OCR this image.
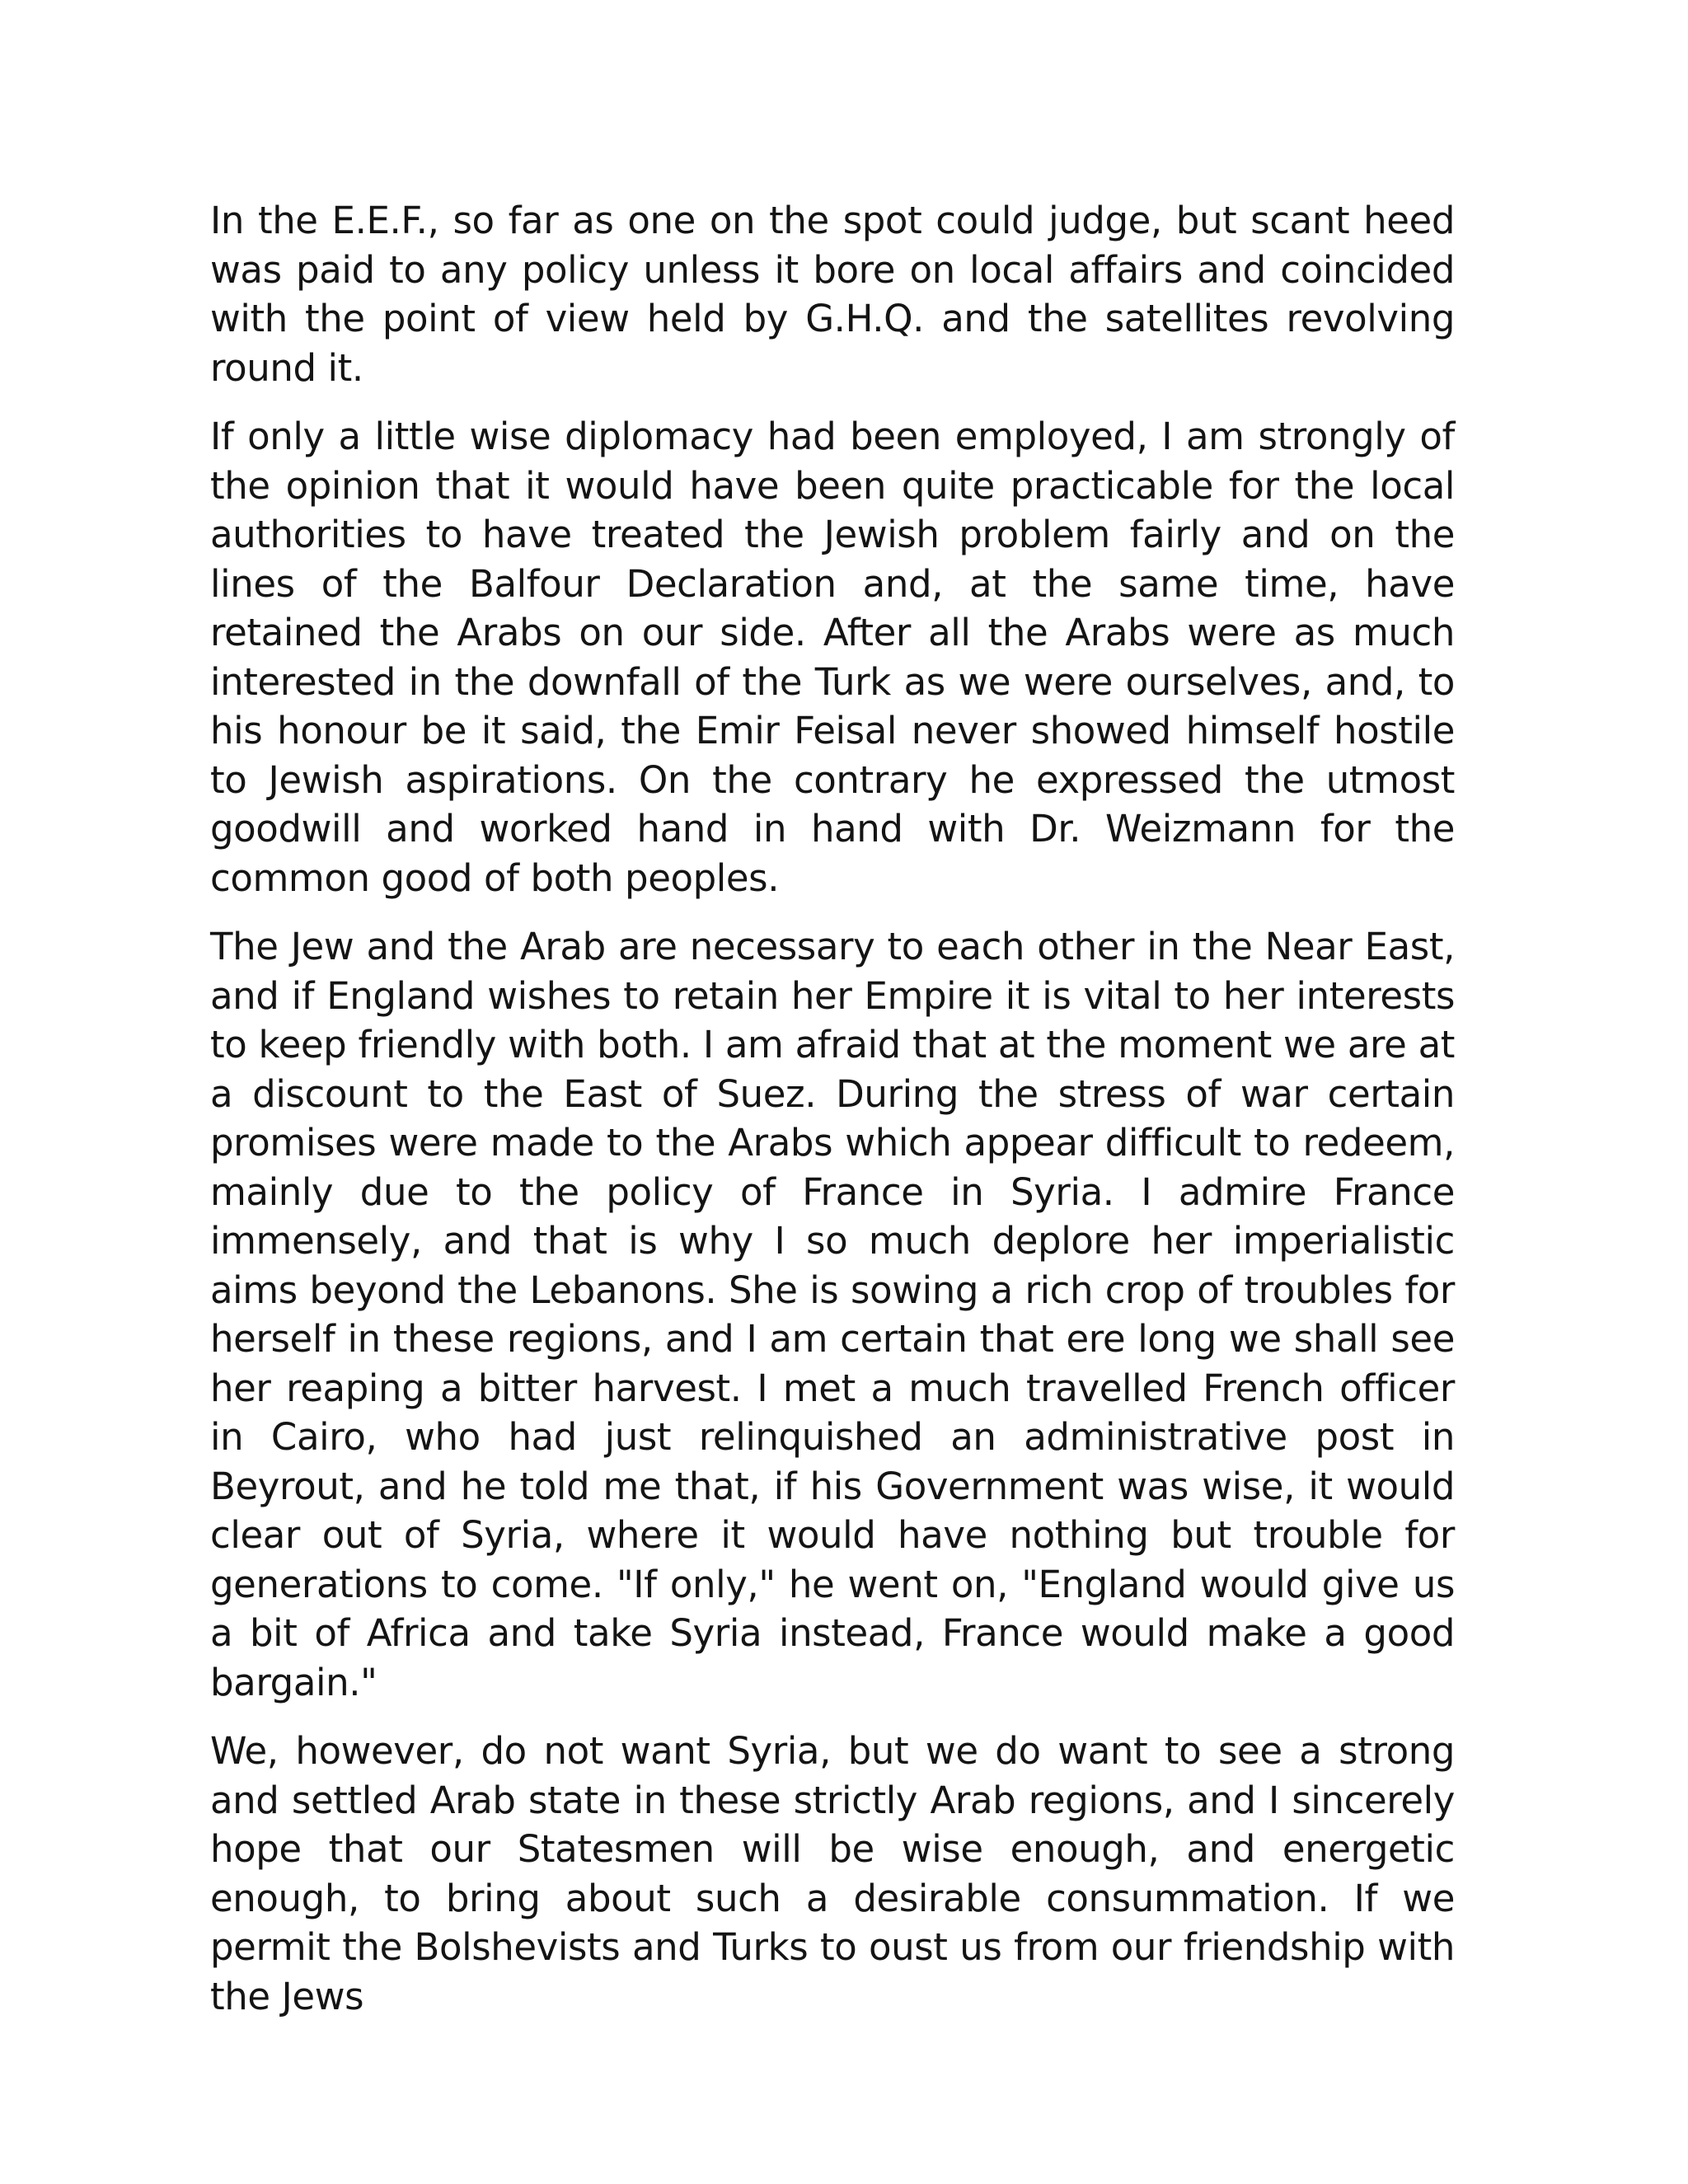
In the E.E.F., so far as one on the spot could judge, but scant heed was paid to any policy unless it bore on local affairs and coincided with the point of view held by G.H.Q. and the satellites revolving round it.

If only a little wise diplomacy had been employed, I am strongly of the opinion that it would have been quite practicable for the local authorities to have treated the Jewish problem fairly and on the lines of the Balfour Declaration and, at the same time, have retained the Arabs on our side. After all the Arabs were as much interested in the downfall of the Turk as we were ourselves, and, to his honour be it said, the Emir Feisal never showed himself hostile to Jewish aspirations. On the contrary he expressed the utmost goodwill and worked hand in hand with Dr. Weizmann for the common good of both peoples.

The Jew and the Arab are necessary to each other in the Near East, and if England wishes to retain her Empire it is vital to her interests to keep friendly with both. I am afraid that at the moment we are at a discount to the East of Suez. During the stress of war certain promises were made to the Arabs which appear difficult to redeem, mainly due to the policy of France in Syria. I admire France immensely, and that is why I so much deplore her imperialistic aims beyond the Lebanons. She is sowing a rich crop of troubles for herself in these regions, and I am certain that ere long we shall see her reaping a bitter harvest. I met a much travelled French officer in Cairo, who had just relinquished an administrative post in Beyrout, and he told me that, if his Government was wise, it would clear out of Syria, where it would have nothing but trouble for generations to come. "If only," he went on, "England would give us a bit of Africa and take Syria instead, France would make a good bargain."

We, however, do not want Syria, but we do want to see a strong and settled Arab state in these strictly Arab regions, and I sincerely hope that our Statesmen will be wise enough, and energetic enough, to bring about such a desirable consummation. If we permit the Bolshevists and Turks to oust us from our friendship with the Jews
